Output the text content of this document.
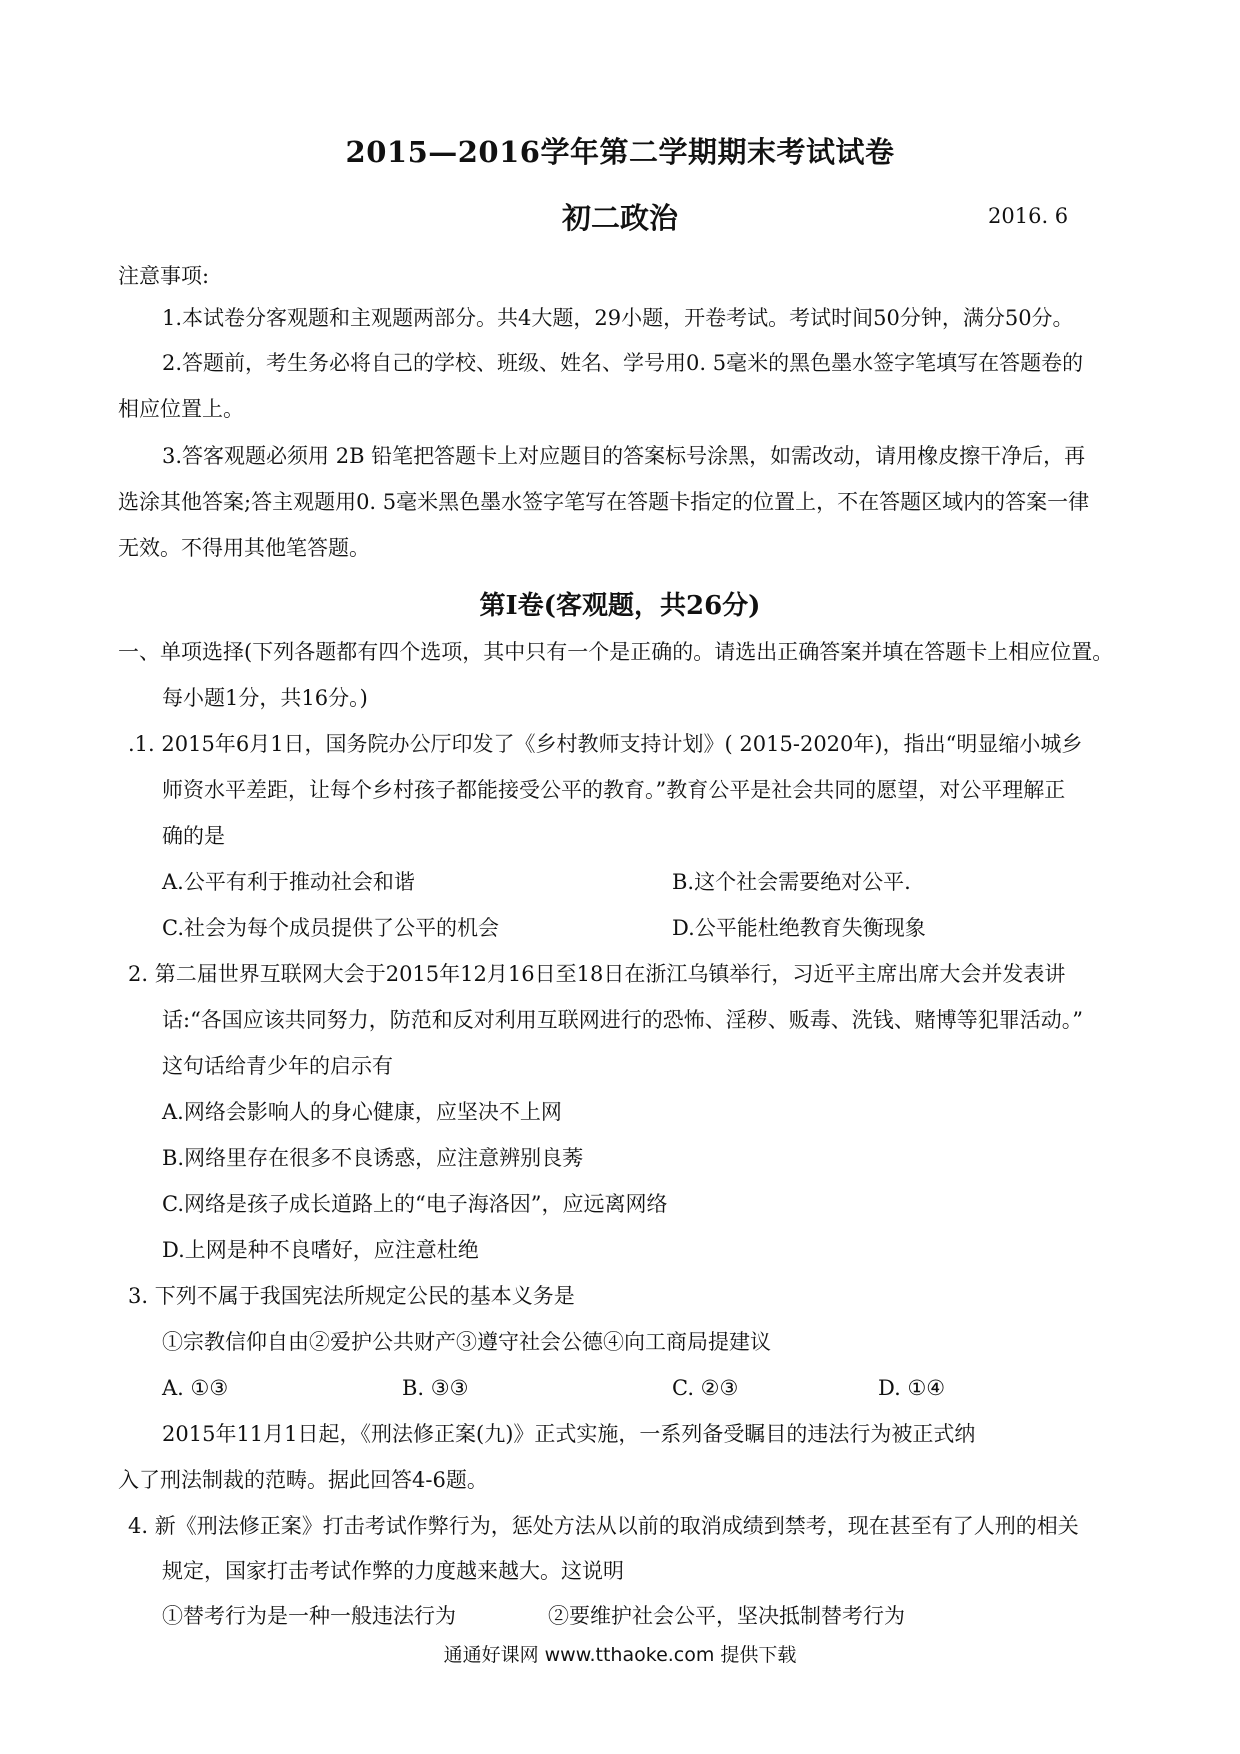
2015—2016学年第二学期期末考试试卷
初二政治	2016. 6
注意事项:
1.本试卷分客观题和主观题两部分。共4大题，29小题，开卷考试。考试时间50分钟，满分50分。
2.答题前，考生务必将自己的学校、班级、姓名、学号用0. 5毫米的黑色墨水签字笔填写在答题卷的
相应位置上。
3.答客观题必须用 2B 铅笔把答题卡上对应题目的答案标号涂黑，如需改动，请用橡皮擦干净后，再
选涂其他答案;答主观题用0. 5毫米黑色墨水签字笔写在答题卡指定的位置上，不在答题区域内的答案一律
无效。不得用其他笔答题。
第I卷(客观题，共26分)
一、单项选择(下列各题都有四个选项，其中只有一个是正确的。请选出正确答案并填在答题卡上相应位置。
每小题1分，共16分。)
.1. 2015年6月1日，国务院办公厅印发了《乡村教师支持计划》( 2015-2020年)，指出“明显缩小城乡
师资水平差距，让每个乡村孩子都能接受公平的教育。”教育公平是社会共同的愿望，对公平理解正
确的是
A.公平有利于推动社会和谐	B.这个社会需要绝对公平.
C.社会为每个成员提供了公平的机会	D.公平能杜绝教育失衡现象
2. 第二届世界互联网大会于2015年12月16日至18日在浙江乌镇举行，习近平主席出席大会并发表讲
话:“各国应该共同努力，防范和反对利用互联网进行的恐怖、淫秽、贩毒、洗钱、赌博等犯罪活动。”
这句话给青少年的启示有
A.网络会影响人的身心健康，应坚决不上网
B.网络里存在很多不良诱惑，应注意辨别良莠
C.网络是孩子成长道路上的“电子海洛因”，应远离网络
D.上网是种不良嗜好，应注意杜绝
3. 下列不属于我国宪法所规定公民的基本义务是
①宗教信仰自由②爱护公共财产③遵守社会公德④向工商局提建议
A. ①③	B. ③③	C. ②③	D. ①④
2015年11月1日起，《刑法修正案(九)》正式实施，一系列备受瞩目的违法行为被正式纳
入了刑法制裁的范畴。据此回答4-6题。
4. 新《刑法修正案》打击考试作弊行为，惩处方法从以前的取消成绩到禁考，现在甚至有了人刑的相关
规定，国家打击考试作弊的力度越来越大。这说明
①替考行为是一种一般违法行为	②要维护社会公平，坚决抵制替考行为
通通好课网 www.tthaoke.com 提供下载
